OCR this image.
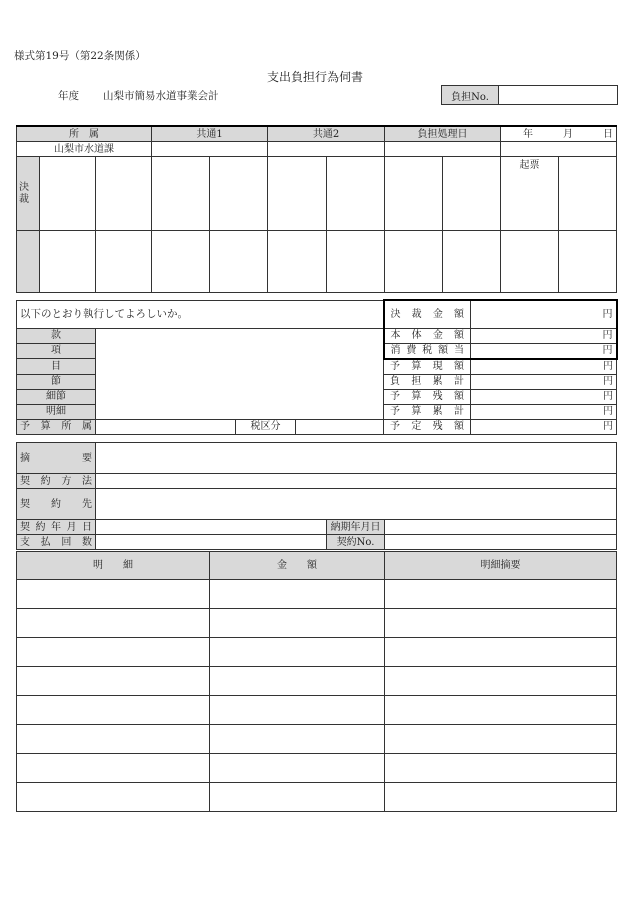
様式第19号（第22条関係）
支出負担行為伺書
年度 山梨市簡易水道事業会計	負担No.
所　属			共通1		共通2		負担処理日		年　　　 月　　　 日	
山梨市水道課										
決裁									起票	

以下のとおり執行してよろしいか。				決裁金額	円
款				本体金額	円
項				消費税額当	円
目				予算現額	円
節				負担累計	円
細節				予算残額	円
明細				予算累計	円
予算所属		税区分		予定残額	円
摘要			
契約方法			
契約先			
契約年月日		納期年月日	
支払回数		契約No.	
明　　細	金　　額	明細摘要
